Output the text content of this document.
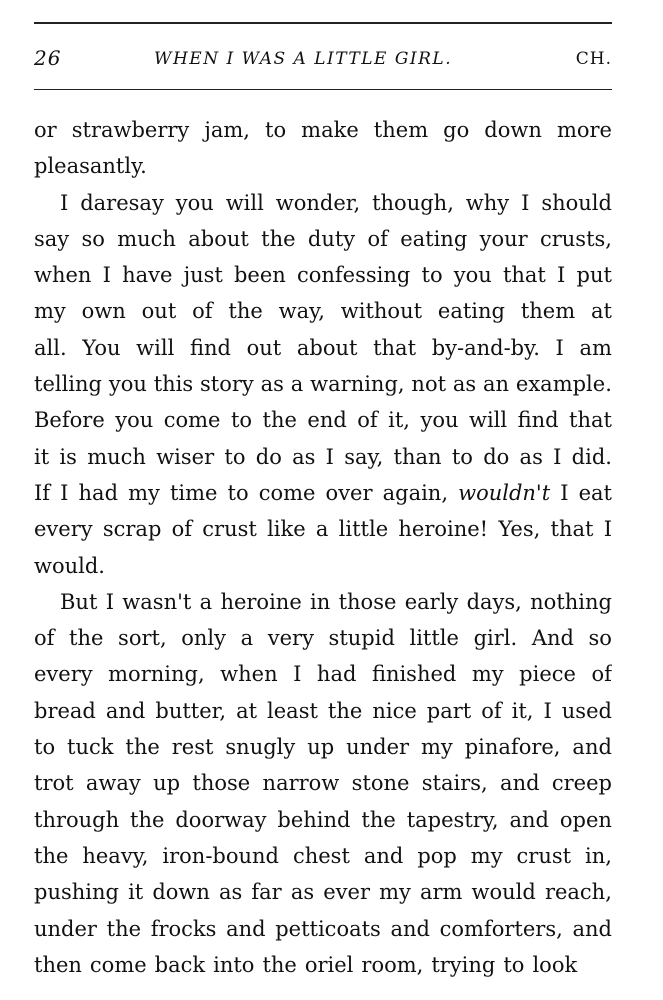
26	WHEN I WAS A LITTLE GIRL.	CH.
or strawberry jam, to make them go down more
pleasantly.
I daresay you will wonder, though, why I should
say so much about the duty of eating your crusts,
when I have just been confessing to you that I put
my own out of the way, without eating them at
all. You will find out about that by-and-by. I am
telling you this story as a warning, not as an example.
Before you come to the end of it, you will find that
it is much wiser to do as I say, than to do as I did.
If I had my time to come over again, wouldn't I eat
every scrap of crust like a little heroine! Yes, that I
would.
But I wasn't a heroine in those early days, nothing
of the sort, only a very stupid little girl. And so
every morning, when I had finished my piece of
bread and butter, at least the nice part of it, I used
to tuck the rest snugly up under my pinafore, and
trot away up those narrow stone stairs, and creep
through the doorway behind the tapestry, and open
the heavy, iron-bound chest and pop my crust in,
pushing it down as far as ever my arm would reach,
under the frocks and petticoats and comforters, and
then come back into the oriel room, trying to look
